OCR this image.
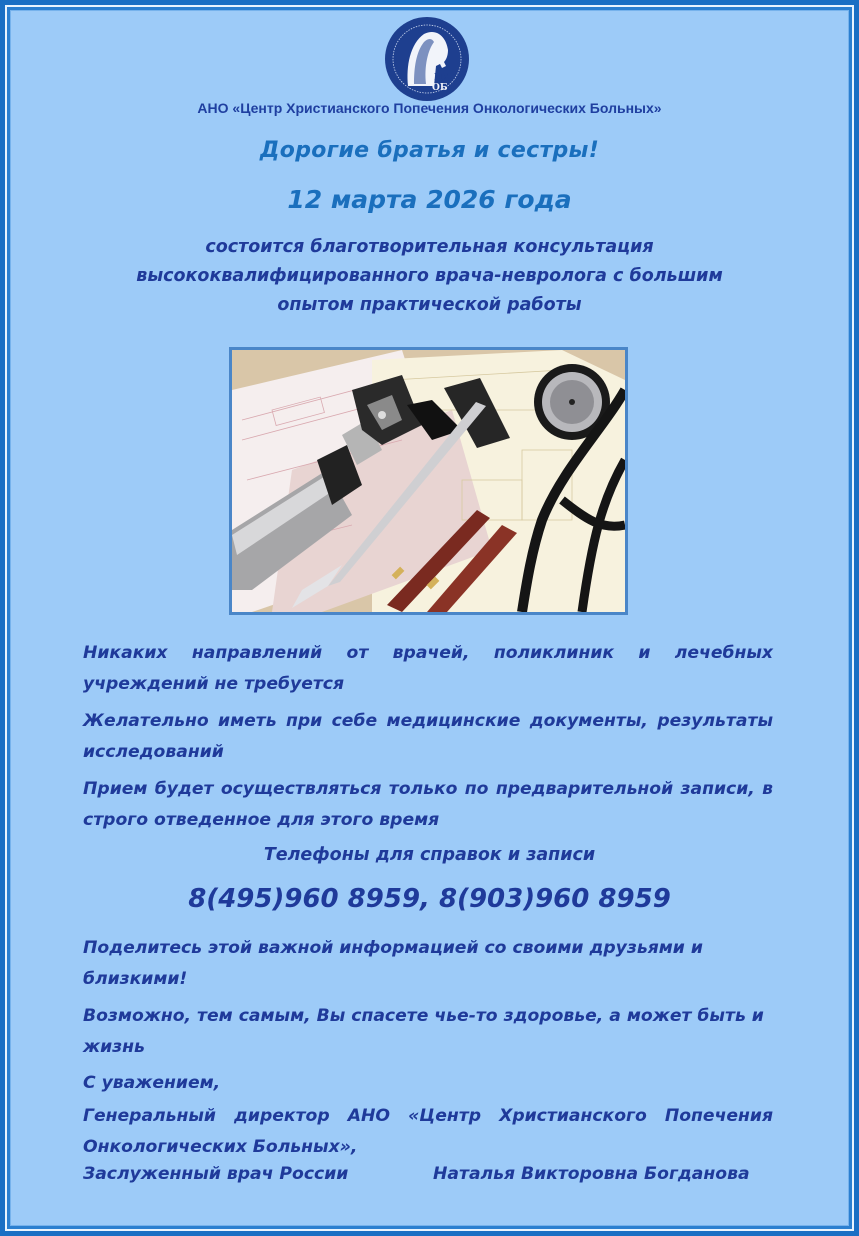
ЦХ
ОБ
АНО «Центр Христианского Попечения Онкологических Больных»
Дорогие братья и сестры!
12 марта 2026 года
состоится благотворительная консультация высококвалифицированного врача-невролога с большим опытом практической работы
Никаких направлений от врачей, поликлиник и лечебных учреждений не требуется
Желательно иметь при себе медицинские документы, результаты исследований
Прием будет осуществляться только по предварительной записи, в строго отведенное для этого время
Телефоны для справок и записи
8(495)960 8959, 8(903)960 8959
Поделитесь этой важной информацией со своими друзьями и близкими!
Возможно, тем самым, Вы спасете чье-то здоровье, а может быть и жизнь
С уважением,
Генеральный директор АНО «Центр Христианского Попечения Онкологических Больных»,
Заслуженный врач России	Наталья Викторовна Богданова
